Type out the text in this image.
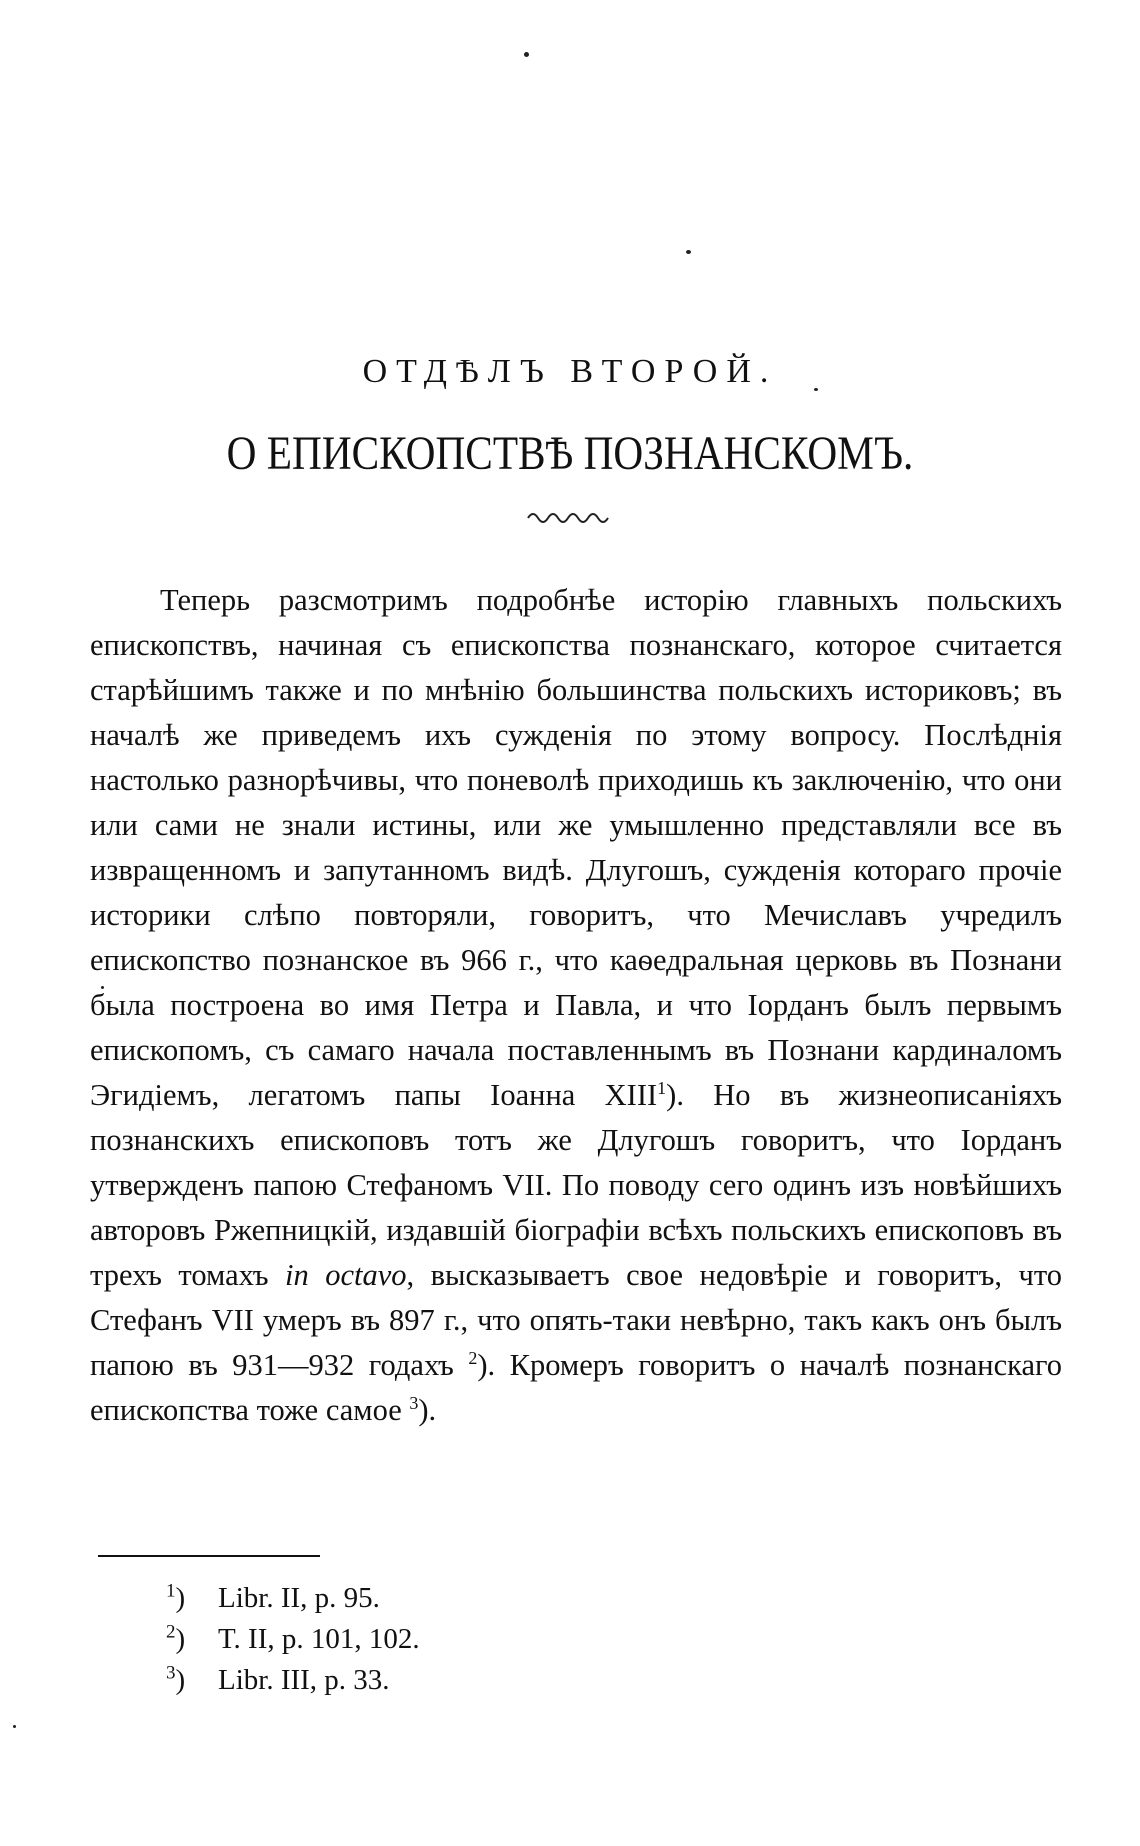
ОТДѢЛЪ ВТОРОЙ.
О ЕПИСКОПСТВѢ ПОЗНАНСКОМЪ.

Теперь разсмотримъ подробнѣе исторію главныхъ польскихъ епископствъ, начиная съ епископства познанскаго, которое считается старѣйшимъ также и по мнѣнію большинства польскихъ историковъ; въ началѣ же приведемъ ихъ сужденія по этому вопросу. Послѣднія настолько разнорѣчивы, что поневолѣ приходишь къ заключенію, что они или сами не знали истины, или же умышленно представляли все въ извращенномъ и запутанномъ видѣ. Длугошъ, сужденія котораго прочіе историки слѣпо повторяли, говоритъ, что Мечиславъ учредилъ епископство познанское въ 966 г., что каѳедральная церковь въ Познани была построена во имя Петра и Павла, и что Іорданъ былъ первымъ епископомъ, съ самаго начала поставленнымъ въ Познани кардиналомъ Эгидіемъ, легатомъ папы Іоанна XIII$^1$). Но въ жизнеописаніяхъ познанскихъ епископовъ тотъ же Длугошъ говоритъ, что Іорданъ утвержденъ папою Стефаномъ VII. По поводу сего одинъ изъ новѣйшихъ авторовъ Ржепницкій, издавшій біографіи всѣхъ польскихъ епископовъ въ трехъ томахъ in octavo, высказываетъ свое недовѣріе и говоритъ, что Стефанъ VII умеръ въ 897 г., что опять-таки невѣрно, такъ какъ онъ былъ папою въ 931—932 годахъ $^2$). Кромеръ говоритъ о началѣ познанскаго епископства тоже самое $^3$).

$^1$)	Libr. II, p. 95.
$^2$)	T. II, p. 101, 102.
$^3$)	Libr. III, p. 33.
